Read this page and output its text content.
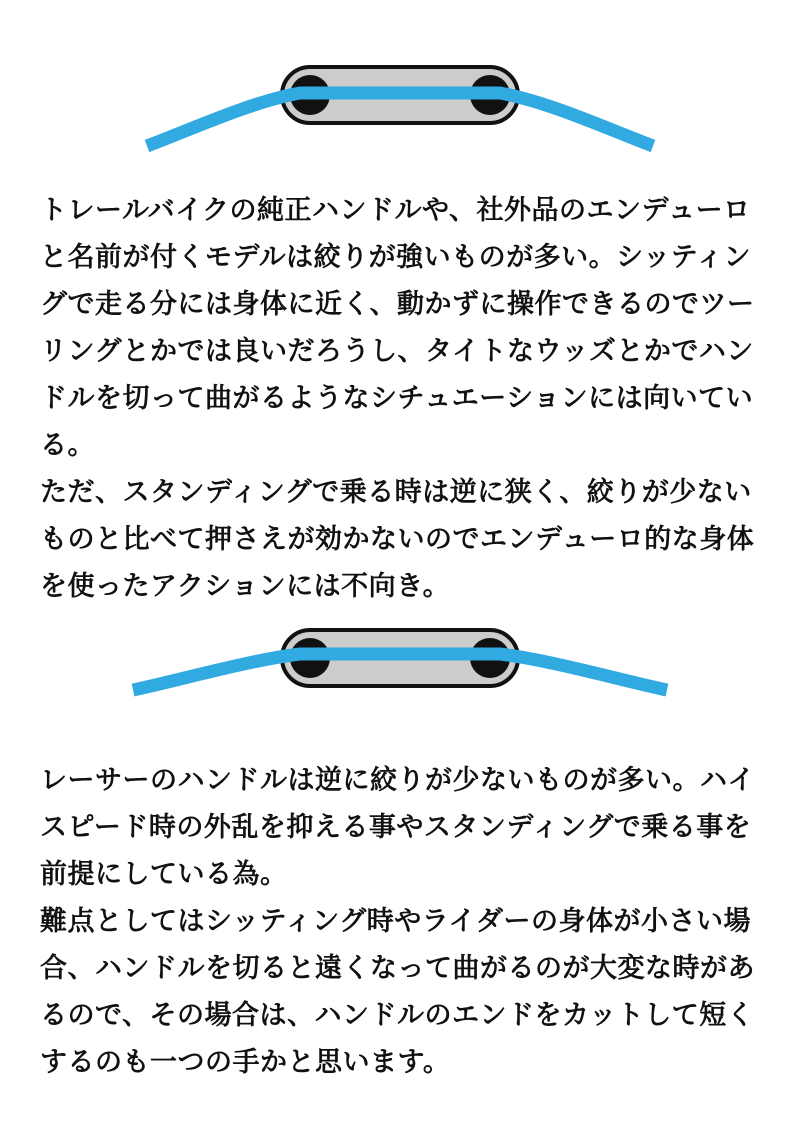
トレールバイクの純正ハンドルや、社外品のエンデューロと名前が付くモデルは絞りが強いものが多い。シッティングで走る分には身体に近く、動かずに操作できるのでツーリングとかでは良いだろうし、タイトなウッズとかでハンドルを切って曲がるようなシチュエーションには向いている。

ただ、スタンディングで乗る時は逆に狭く、絞りが少ないものと比べて押さえが効かないのでエンデューロ的な身体を使ったアクションには不向き。

レーサーのハンドルは逆に絞りが少ないものが多い。ハイスピード時の外乱を抑える事やスタンディングで乗る事を前提にしている為。

難点としてはシッティング時やライダーの身体が小さい場合、ハンドルを切ると遠くなって曲がるのが大変な時があるので、その場合は、ハンドルのエンドをカットして短くするのも一つの手かと思います。
